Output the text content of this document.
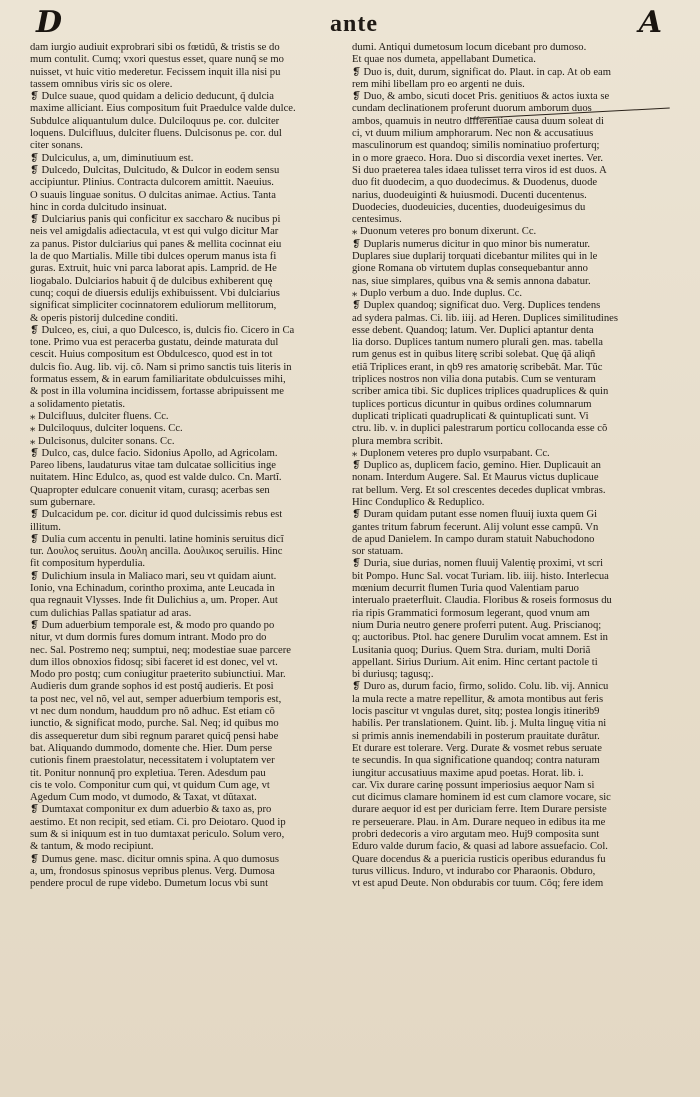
D	ante	A
dam iurgio audiuit exprobrari sibi os fœtidũ, & tristis se do
mum contulit. Cumq; vxori questus esset, quare nunq̃ se mo
nuisset, vt huic vitio mederetur. Fecissem inquit illa nisi pu
tassem omnibus viris sic os olere.
❡ Dulce suaue, quod quidam a delicio deducunt, q̃ dulcia
maxime alliciant. Eius compositum fuit Praedulce valde dulce.
Subdulce aliquantulum dulce. Dulciloquus pe. cor. dulciter
loquens. Dulcifluus, dulciter fluens. Dulcisonus pe. cor. dul
citer sonans.
❡ Dulciculus, a, um, diminutiuum est.
❡ Dulcedo, Dulcitas, Dulcitudo, & Dulcor in eodem sensu
accipiuntur. Plinius. Contracta dulcorem amittit. Naeuius.
O suauis linguae sonitus. O dulcitas animae. Actius. Tanta
hinc in corda dulcitudo insinuat.
❡ Dulciarius panis qui conficitur ex saccharo & nucibus pi
neis vel amigdalis adiectacula, vt est qui vulgo dicitur Mar
za panus. Pistor dulciarius qui panes & mellita cocinnat eiu
la de quo Martialis. Mille tibi dulces operum manus ista fi
guras. Extruit, huic vni parca laborat apis. Lamprid. de He
liogabalo. Dulciarios habuit q̃ de dulcibus exhiberent quę
cunq; coqui de diuersis edulijs exhibuissent. Vbi dulciarius
significat simpliciter cocinnatorem eduliorum mellitorum,
& operis pistorij dulcedine conditi.
❡ Dulceo, es, ciui, a quo Dulcesco, is, dulcis fio. Cicero in Ca
tone. Primo vua est peracerba gustatu, deinde maturata dul
cescit. Huius compositum est Obdulcesco, quod est in tot
dulcis fio. Aug. lib. vij. cõ. Nam si primo sanctis tuis literis in
formatus essem, & in earum familiaritate obdulcuisses mihi,
& post in illa volumina incidissem, fortasse abripuissent me
a solidamento pietatis.
⁎ Dulcifluus, dulciter fluens. Cc.
⁎ Dulciloquus, dulciter loquens. Cc.
⁎ Dulcisonus, dulciter sonans. Cc.
❡ Dulco, cas, dulce facio. Sidonius Apollo, ad Agricolam.
Pareo libens, laudaturus vitae tam dulcatae sollicitius inge
nuitatem. Hinc Edulco, as, quod est valde dulco. Cn. Martĩ.
Quapropter edulcare conuenit vitam, curasq; acerbas sen
sum gubernare.
❡ Dulcacidum pe. cor. dicitur id quod dulcissimis rebus est
illitum.
❡ Dulia cum accentu in penulti. latine hominis seruitus dicĩ
tur. Δουλος seruitus. Δουλη ancilla. Δουλικος seruilis. Hinc
fit compositum hyperdulia.
❡ Dulichium insula in Maliaco mari, seu vt quidam aiunt.
Ionio, vna Echinadum, corintho proxima, ante Leucada in
qua regnauit Vlysses. Inde fit Dulichius a, um. Proper. Aut
cum dulichias Pallas spatiatur ad aras.
❡ Dum aduerbium temporale est, & modo pro quando po
nitur, vt dum dormis fures domum intrant. Modo pro do
nec. Sal. Postremo neq; sumptui, neq; modestiae suae parcere
dum illos obnoxios fidosq; sibi faceret id est donec, vel vt.
Modo pro postq; cum coniugitur praeterito subiunctiui. Mar.
Audieris dum grande sophos id est postq̃ audieris. Et posi
ta post nec, vel nõ, vel aut, semper aduerbium temporis est,
vt nec dum nondum, hauddum pro nõ adhuc. Est etiam cõ
iunctio, & significat modo, purche. Sal. Neq; id quibus mo
dis assequeretur dum sibi regnum pararet quicq̃ pensi habe
bat. Aliquando dummodo, domente che. Hier. Dum perse
cutionis finem praestolatur, necessitatem i voluptatem ver
tit. Ponitur nonnunq̃ pro expletiua. Teren. Adesdum pau
cis te volo. Componitur cum qui, vt quidum Cum age, vt
Agedum Cum modo, vt dumodo, & Taxat, vt dũtaxat.
❡ Dumtaxat componitur ex dum aduerbio & taxo as, pro
aestimo. Et non recipit, sed etiam. Ci. pro Deiotaro. Quod ip
sum & si iniquum est in tuo dumtaxat periculo. Solum vero,
& tantum, & modo recipiunt.
❡ Dumus gene. masc. dicitur omnis spina. A quo dumosus
a, um, frondosus spinosus vepribus plenus. Verg. Dumosa
pendere procul de rupe videbo. Dumetum locus vbi sunt
dumi. Antiqui dumetosum locum dicebant pro dumoso.
Et quae nos dumeta, appellabant Dumetica.
❡ Duo is, duit, durum, significat do. Plaut. in cap. At ob eam
rem mihi libellam pro eo argenti ne duis.
❡ Duo, & ambo, sicuti docet Pris. genitiuos & actos iuxta se
cundam declinationem proferunt duorum amborum duos
ambos, quamuis in neutro differentiae causa duum soleat di
ci, vt duum milium amphorarum. Nec non & accusatiuus
masculinorum est quandoq; similis nominatiuo proferturq;
in o more graeco. Hora. Duo si discordia vexet inertes. Ver.
Si duo praeterea tales idaea tulisset terra viros id est duos. A
duo fit duodecim, a quo duodecimus. & Duodenus, duode
narius, duodeuiginti & huiusmodi. Ducenti ducentenus.
Duodecies, duodeuicies, ducenties, duodeuigesimus du
centesimus.
⁎ Duonum veteres pro bonum dixerunt. Cc.
❡ Duplaris numerus dicitur in quo minor bis numeratur.
Duplares siue duplarij torquati dicebantur milites qui in le
gione Romana ob virtutem duplas consequebantur anno
nas, siue simplares, quibus vna & semis annona dabatur.
⁎ Duplo verbum a duo. Inde duplus. Cc.
❡ Duplex quandoq; significat duo. Verg. Duplices tendens
ad sydera palmas. Ci. lib. iiij. ad Heren. Duplices similitudines
esse debent. Quandoq; latum. Ver. Duplici aptantur denta
lia dorso. Duplices tantum numero plurali gen. mas. tabella
rum genus est in quibus literę scribi solebat. Quę q̃ã aliqñ
etiã Triplices erant, in qb9 res amatorię scribebãt. Mar. Tũc
triplices nostros non vilia dona putabis. Cum se venturam
scriber amica tibi. Sic duplices triplices quadruplices & quin
tuplices porticus dicuntur in quibus ordines columnarum
duplicati triplicati quadruplicati & quintuplicati sunt. Vi
ctru. lib. v. in duplici palestrarum porticu collocanda esse cõ
plura membra scribit.
⁎ Duplonem veteres pro duplo vsurpabant. Cc.
❡ Duplico as, duplicem facio, gemino. Hier. Duplicauit an
nonam. Interdum Augere. Sal. Et Maurus victus duplicaue
rat bellum. Verg. Et sol crescentes decedes duplicat vmbras.
Hinc Conduplico & Reduplico.
❡ Duram quidam putant esse nomen fluuij iuxta quem Gi
gantes tritum fabrum fecerunt. Alij volunt esse campũ. Vn
de apud Danielem. In campo duram statuit Nabuchodono
sor statuam.
❡ Duria, siue durias, nomen fluuij Valentię proximi, vt scri
bit Pompo. Hunc Sal. vocat Turiam. lib. iiij. histo. Interlecua
mœnium decurrit flumen Turia quod Valentiam paruo
interualo praeterfluit. Claudia. Floribus & roseis formosus du
ria ripis Grammatici formosum legerant, quod vnum am
nium Duria neutro genere proferri putent. Aug. Priscianoq;
q; auctoribus. Ptol. hac genere Durulim vocat amnem. Est in
Lusitania quoq; Durius. Quem Stra. duriam, multi Doriã
appellant. Sirius Durium. Ait enim. Hinc certant pactole ti
bi duriusq; tagusq;.
❡ Duro as, durum facio, firmo, solido. Colu. lib. vij. Annicu
la mula recte a matre repellitur, & amota montibus aut feris
locis pascitur vt vngulas duret, sitq; postea longis itinerib9
habilis. Per translationem. Quint. lib. j. Multa linguę vitia ni
si primis annis inemendabili in posterum prauitate durãtur.
Et durare est tolerare. Verg. Durate & vosmet rebus seruate
te secundis. In qua significatione quandoq; contra naturam
iungitur accusatiuus maxime apud poetas. Horat. lib. i.
car. Vix durare carinę possunt imperiosius aequor Nam si
cut dicimus clamare hominem id est cum clamore vocare, sic
durare aequor id est per duriciam ferre. Item Durare persiste
re perseuerare. Plau. in Am. Durare nequeo in edibus ita me
probri dedecoris a viro argutam meo. Huj9 composita sunt
Eduro valde durum facio, & quasi ad labore assuefacio. Col.
Quare docendus & a puericia rusticis operibus edurandus fu
turus villicus. Induro, vt indurabo cor Pharaonis. Obduro,
vt est apud Deute. Non obdurabis cor tuum. Cõq; fere idem
